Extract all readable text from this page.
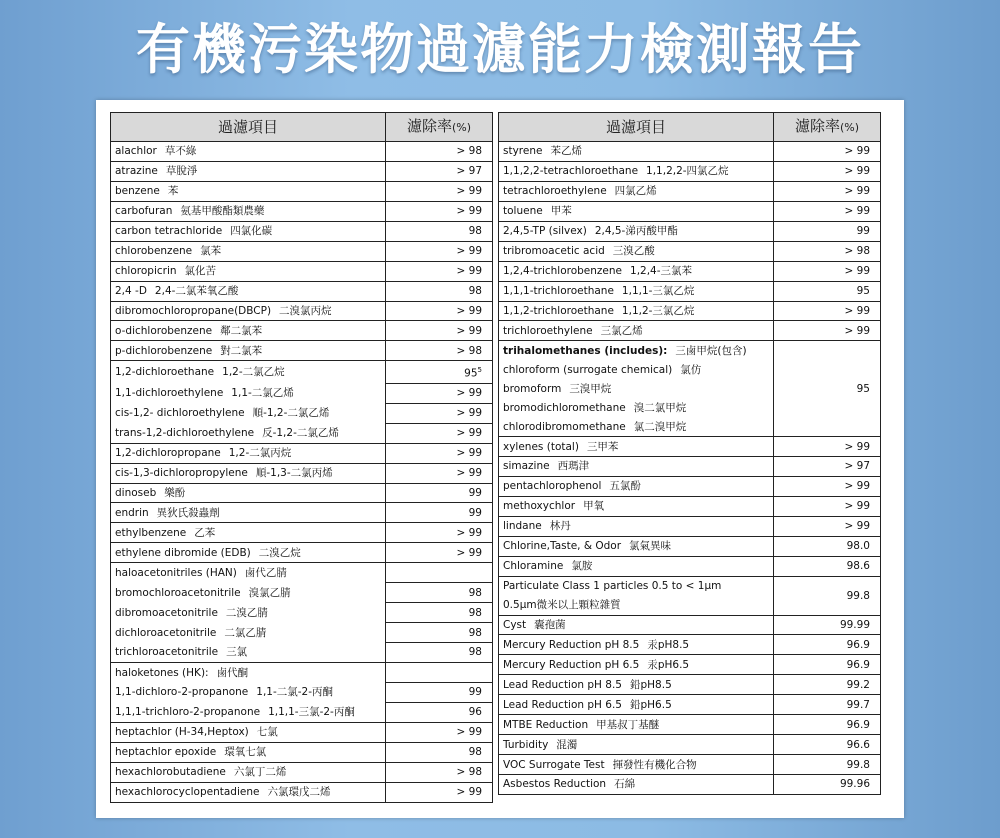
有機污染物過濾能力檢測報告
過濾項目	濾除率(%)
alachlor 草不綠	> 98
atrazine 草脫淨	> 97
benzene 苯	> 99
carbofuran 氨基甲酸酯類農藥	> 99
carbon tetrachloride 四氯化碳	98
chlorobenzene 氯苯	> 99
chloropicrin 氯化苦	> 99
2,4 -D 2,4-二氯苯氧乙酸	98
dibromochloropropane(DBCP) 二溴氯丙烷	> 99
o-dichlorobenzene 鄰二氯苯	> 99
p-dichlorobenzene 對二氯苯	> 98
1,2-dichloroethane 1,2-二氯乙烷	$95^5$
1,1-dichloroethylene 1,1-二氯乙烯	> 99
cis-1,2- dichloroethylene 順-1,2-二氯乙烯	> 99
trans-1,2-dichloroethylene 反-1,2-二氯乙烯	> 99
1,2-dichloropropane 1,2-二氯丙烷	> 99
cis-1,3-dichloropropylene 順-1,3-二氯丙烯	> 99
dinoseb 樂酚	99
endrin 異狄氏殺蟲劑	99
ethylbenzene 乙苯	> 99
ethylene dibromide (EDB) 二溴乙烷	> 99
haloacetonitriles (HAN) 鹵代乙腈	
bromochloroacetonitrile 溴氯乙腈	98
dibromoacetonitrile 二溴乙腈	98
dichloroacetonitrile 二氯乙腈	98
trichloroacetonitrile 三氯	98
haloketones (HK): 鹵代酮	
1,1-dichloro-2-propanone 1,1-二氯-2-丙酮	99
1,1,1-trichloro-2-propanone 1,1,1-三氯-2-丙酮	96
heptachlor (H-34,Heptox) 七氯	> 99
heptachlor epoxide 環氧七氯	98
hexachlorobutadiene 六氯丁二烯	> 98
hexachlorocyclopentadiene 六氯環戊二烯	> 99
過濾項目	濾除率(%)
styrene 苯乙烯	> 99
1,1,2,2-tetrachloroethane 1,1,2,2-四氯乙烷	> 99
tetrachloroethylene 四氯乙烯	> 99
toluene 甲苯	> 99
2,4,5-TP (silvex) 2,4,5-涕丙酸甲酯	99
tribromoacetic acid 三溴乙酸	> 98
1,2,4-trichlorobenzene 1,2,4-三氯苯	> 99
1,1,1-trichloroethane 1,1,1-三氯乙烷	95
1,1,2-trichloroethane 1,1,2-三氯乙烷	> 99
trichloroethylene 三氯乙烯	> 99
trihalomethanes (includes): 三鹵甲烷(包含)	95
chloroform (surrogate chemical) 氯仿	
bromoform 三溴甲烷	
bromodichloromethane 溴二氯甲烷	
chlorodibromomethane 氯二溴甲烷	
xylenes (total) 三甲苯	> 99
simazine 西瑪津	> 97
pentachlorophenol 五氯酚	> 99
methoxychlor 甲氧	> 99
lindane 林丹	> 99
Chlorine,Taste, & Odor 氯氣異味	98.0
Chloramine 氯胺	98.6
Particulate Class 1 particles 0.5 to < 1µm	99.8
0.5µm微米以上顆粒雜質	
Cyst 囊孢菌	99.99
Mercury Reduction pH 8.5 汞pH8.5	96.9
Mercury Reduction pH 6.5 汞pH6.5	96.9
Lead Reduction pH 8.5 鉛pH8.5	99.2
Lead Reduction pH 6.5 鉛pH6.5	99.7
MTBE Reduction 甲基叔丁基醚	96.9
Turbidity 混濁	96.6
VOC Surrogate Test 揮發性有機化合物	99.8
Asbestos Reduction 石綿	99.96
